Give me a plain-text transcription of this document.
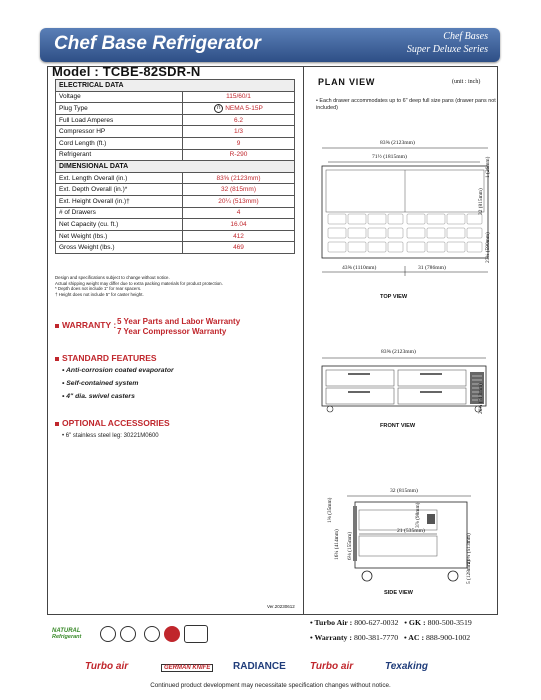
Chef Base Refrigerator	Chef Bases
Super Deluxe Series
Model : TCBE-82SDR-N
ELECTRICAL DATA	
Voltage	115/60/1
Plug Type	ᑎ NEMA 5-15P
Full Load Amperes	6.2
Compressor HP	1/3
Cord Length (ft.)	9
Refrigerant	R-290
DIMENSIONAL DATA	
Ext. Length Overall (in.)	83⅝ (2123mm)
Ext. Depth Overall (in.)*	32 (815mm)
Ext. Height Overall (in.)†	20¼ (513mm)
# of Drawers	4
Net Capacity (cu. ft.)	16.04
Net Weight (lbs.)	412
Gross Weight (lbs.)	469
Design and specifications subject to change without notice.
Actual shipping weight may differ due to extra packing materials for product protection.
* Depth does not include 1" for rear spacers.
† Height does not include 5" for caster height.
WARRANTY : 5 Year Parts and Labor Warranty
7 Year Compressor Warranty
STANDARD FEATURES
• Anti-corrosion coated evaporator
• Self-contained system
• 4" dia. swivel casters
OPTIONAL ACCESSORIES
• 6" stainless steel leg: 30221M0600
PLAN VIEW	(unit : inch)
• Each drawer accommodates up to 6" deep full size pans (drawer pans not included)
83⅝ (2123mm)
71½ (1815mm)	1 (26mm)
32 (815mm)
23¼ (590mm)
43⅝ (1110mm)	31 (786mm)
TOP VIEW
83⅝ (2123mm)
20¼ (513mm)
FRONT VIEW
32 (815mm)
21 (535mm)
1⅜ (35mm)
16¼ (414mm) 6⅛ (155mm)
3⅞ (98mm)
20¼ (513mm)
5 (128mm)
SIDE VIEW
Ver.20230612
• Turbo Air : 800-627-0032 • GK : 800-500-3519
• Warranty : 800-381-7770 • AC : 888-900-1002
NATURAL
Refrigerant
Turbo air	GERMAN KNIFE	RADIANCE Turbo air	Texaking
Continued product development may necessitate specification changes without notice.
